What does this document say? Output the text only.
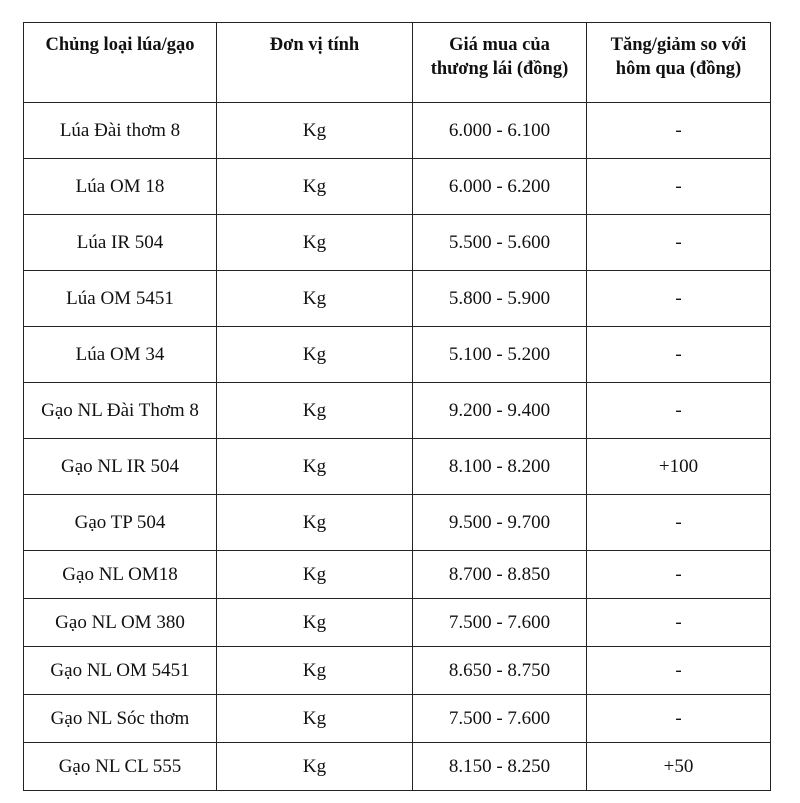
Chủng loại lúa/gạo	Đơn vị tính	Giá mua của thương lái (đồng)	Tăng/giảm so với hôm qua (đồng)
Lúa Đài thơm 8	Kg	6.000 - 6.100	-
Lúa OM 18	Kg	6.000 - 6.200	-
Lúa IR 504	Kg	5.500 - 5.600	-
Lúa OM 5451	Kg	5.800 - 5.900	-
Lúa OM 34	Kg	5.100 - 5.200	-
Gạo NL Đài Thơm 8	Kg	9.200 - 9.400	-
Gạo NL IR 504	Kg	8.100 - 8.200	+100
Gạo TP 504	Kg	9.500 - 9.700	-
Gạo NL OM18	Kg	8.700 - 8.850	-
Gạo NL OM 380	Kg	7.500 - 7.600	-
Gạo NL OM 5451	Kg	8.650 - 8.750	-
Gạo NL Sóc thơm	Kg	7.500 - 7.600	-
Gạo NL CL 555	Kg	8.150 - 8.250	+50
